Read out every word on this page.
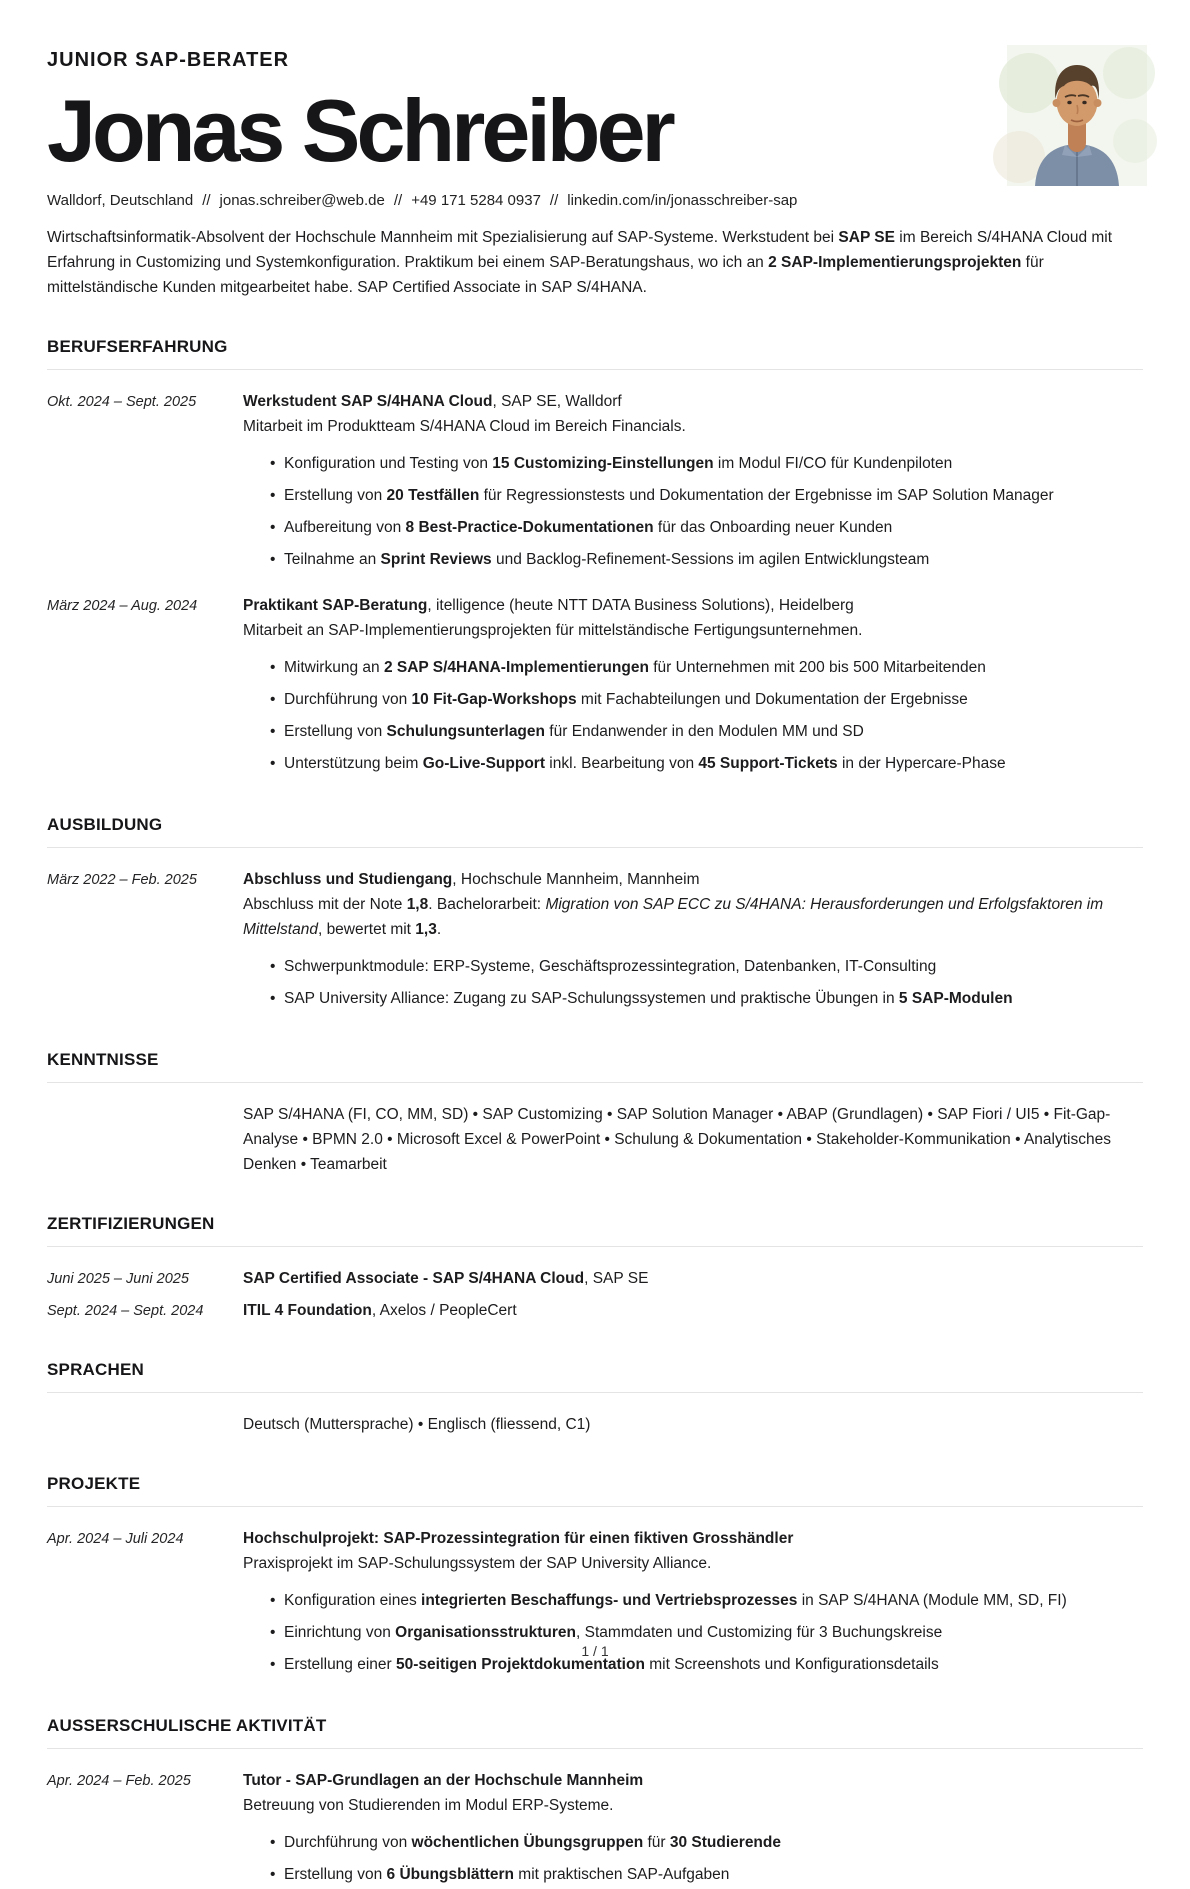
JUNIOR SAP-BERATER
Jonas Schreiber
Walldorf, Deutschland // jonas.schreiber@web.de // +49 171 5284 0937 // linkedin.com/in/jonasschreiber-sap

Wirtschaftsinformatik-Absolvent der Hochschule Mannheim mit Spezialisierung auf SAP-Systeme. Werkstudent bei SAP SE im Bereich S/4HANA Cloud mit Erfahrung in Customizing und Systemkonfiguration. Praktikum bei einem SAP-Beratungshaus, wo ich an 2 SAP-Implementierungsprojekten für mittelständische Kunden mitgearbeitet habe. SAP Certified Associate in SAP S/4HANA.

BERUFSERFAHRUNG
Okt. 2024 – Sept. 2025	Werkstudent SAP S/4HANA Cloud, SAP SE, Walldorf
Mitarbeit im Produktteam S/4HANA Cloud im Bereich Financials.
• Konfiguration und Testing von 15 Customizing-Einstellungen im Modul FI/CO für Kundenpiloten
• Erstellung von 20 Testfällen für Regressionstests und Dokumentation der Ergebnisse im SAP Solution Manager
• Aufbereitung von 8 Best-Practice-Dokumentationen für das Onboarding neuer Kunden
• Teilnahme an Sprint Reviews und Backlog-Refinement-Sessions im agilen Entwicklungsteam
März 2024 – Aug. 2024	Praktikant SAP-Beratung, itelligence (heute NTT DATA Business Solutions), Heidelberg
Mitarbeit an SAP-Implementierungsprojekten für mittelständische Fertigungsunternehmen.
• Mitwirkung an 2 SAP S/4HANA-Implementierungen für Unternehmen mit 200 bis 500 Mitarbeitenden
• Durchführung von 10 Fit-Gap-Workshops mit Fachabteilungen und Dokumentation der Ergebnisse
• Erstellung von Schulungsunterlagen für Endanwender in den Modulen MM und SD
• Unterstützung beim Go-Live-Support inkl. Bearbeitung von 45 Support-Tickets in der Hypercare-Phase
AUSBILDUNG
März 2022 – Feb. 2025	Abschluss und Studiengang, Hochschule Mannheim, Mannheim
Abschluss mit der Note 1,8. Bachelorarbeit: Migration von SAP ECC zu S/4HANA: Herausforderungen und Erfolgsfaktoren im Mittelstand, bewertet mit 1,3.
• Schwerpunktmodule: ERP-Systeme, Geschäftsprozessintegration, Datenbanken, IT-Consulting
• SAP University Alliance: Zugang zu SAP-Schulungssystemen und praktische Übungen in 5 SAP-Modulen
KENNTNISSE
SAP S/4HANA (FI, CO, MM, SD) • SAP Customizing • SAP Solution Manager • ABAP (Grundlagen) • SAP Fiori / UI5 • Fit-Gap-Analyse • BPMN 2.0 • Microsoft Excel & PowerPoint • Schulung & Dokumentation • Stakeholder-Kommunikation • Analytisches Denken • Teamarbeit
ZERTIFIZIERUNGEN
Juni 2025 – Juni 2025	SAP Certified Associate - SAP S/4HANA Cloud, SAP SE
Sept. 2024 – Sept. 2024	ITIL 4 Foundation, Axelos / PeopleCert
SPRACHEN
Deutsch (Muttersprache) • Englisch (fliessend, C1)
PROJEKTE
Apr. 2024 – Juli 2024	Hochschulprojekt: SAP-Prozessintegration für einen fiktiven Grosshändler
Praxisprojekt im SAP-Schulungssystem der SAP University Alliance.
• Konfiguration eines integrierten Beschaffungs- und Vertriebsprozesses in SAP S/4HANA (Module MM, SD, FI)
• Einrichtung von Organisationsstrukturen, Stammdaten und Customizing für 3 Buchungskreise
• Erstellung einer 50-seitigen Projektdokumentation mit Screenshots und Konfigurationsdetails
AUSSERSCHULISCHE AKTIVITÄT
Apr. 2024 – Feb. 2025	Tutor - SAP-Grundlagen an der Hochschule Mannheim
Betreuung von Studierenden im Modul ERP-Systeme.
• Durchführung von wöchentlichen Übungsgruppen für 30 Studierende
• Erstellung von 6 Übungsblättern mit praktischen SAP-Aufgaben
1 / 1
